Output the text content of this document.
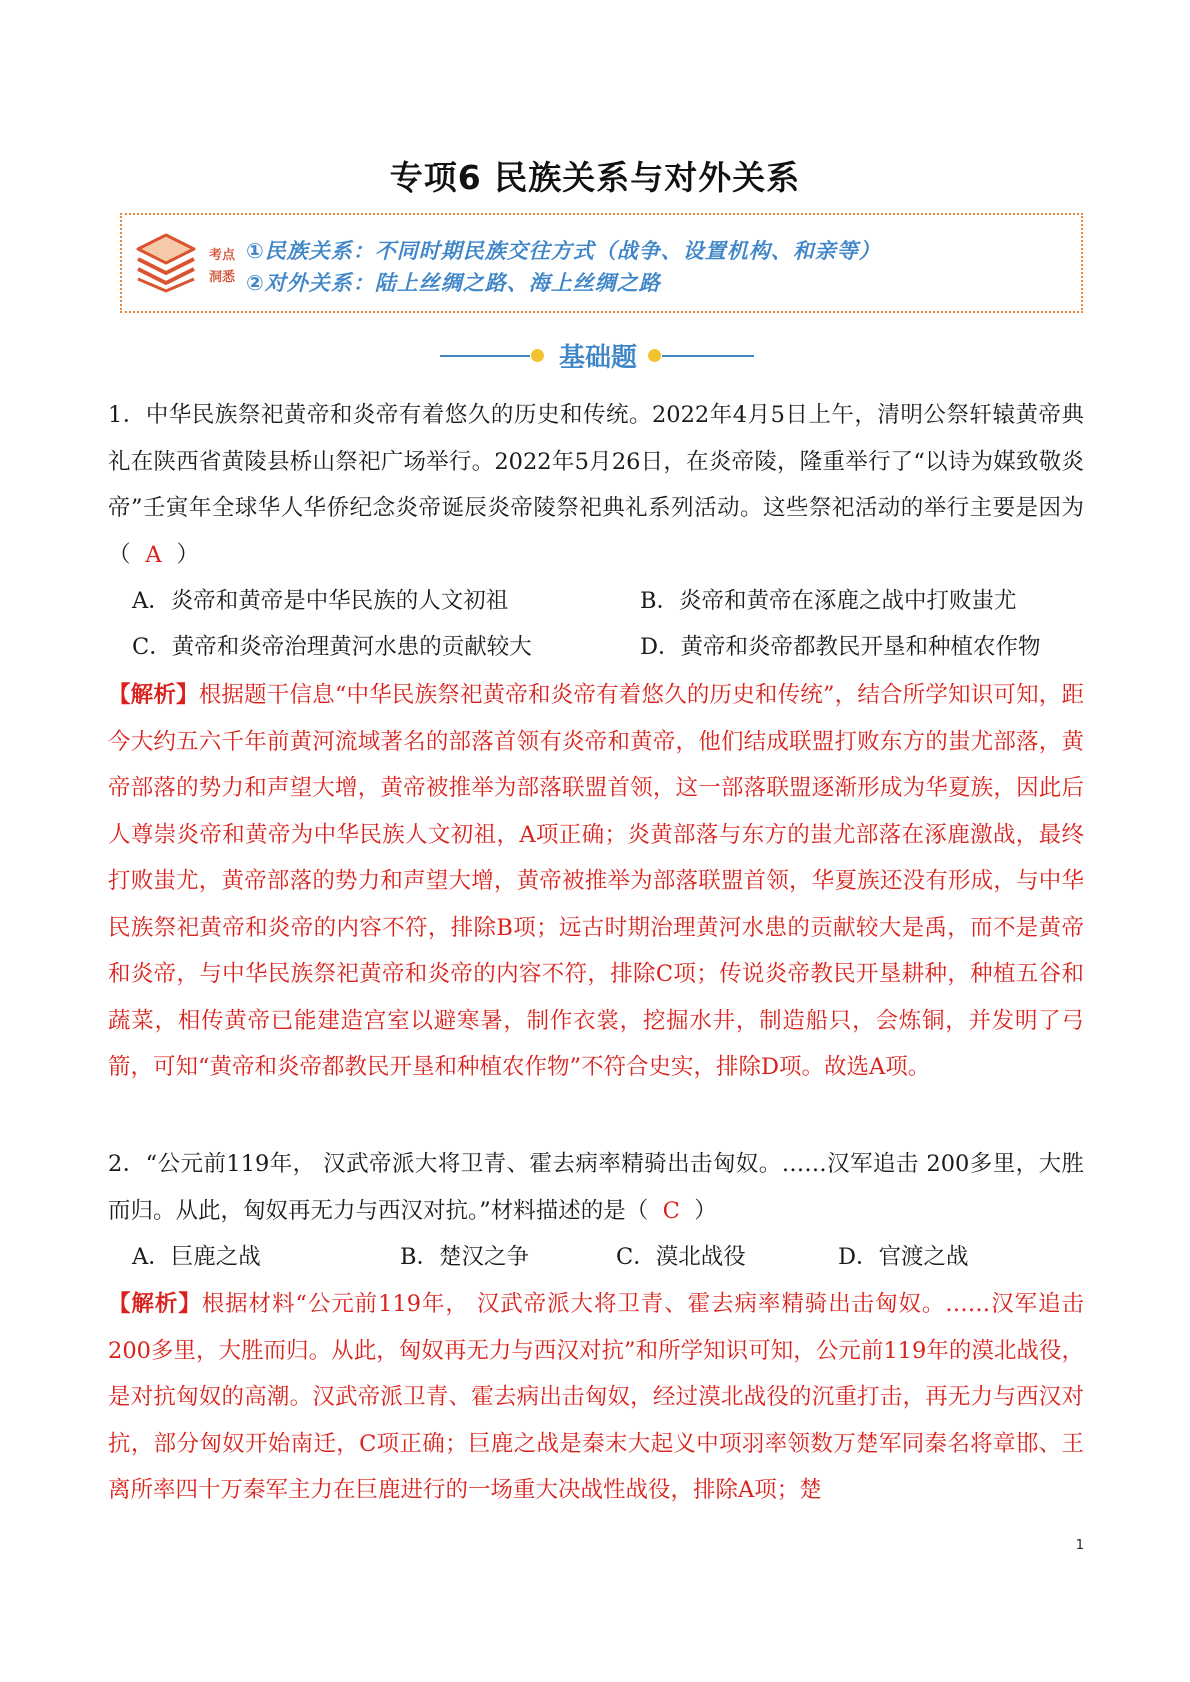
专项6 民族关系与对外关系
考点
洞悉
①民族关系：不同时期民族交往方式（战争、设置机构、和亲等）
②对外关系：陆上丝绸之路、海上丝绸之路
基础题
1．中华民族祭祀黄帝和炎帝有着悠久的历史和传统。2022年4月5日上午，清明公祭轩辕黄帝典礼在陕西省黄陵县桥山祭祀广场举行。2022年5月26日，在炎帝陵，隆重举行了“以诗为媒致敬炎帝”壬寅年全球华人华侨纪念炎帝诞辰炎帝陵祭祀典礼系列活动。这些祭祀活动的举行主要是因为（ A ）
A．炎帝和黄帝是中华民族的人文初祖	B．炎帝和黄帝在涿鹿之战中打败蚩尤
C．黄帝和炎帝治理黄河水患的贡献较大	D．黄帝和炎帝都教民开垦和种植农作物
【解析】根据题干信息“中华民族祭祀黄帝和炎帝有着悠久的历史和传统”，结合所学知识可知，距今大约五六千年前黄河流域著名的部落首领有炎帝和黄帝，他们结成联盟打败东方的蚩尤部落，黄帝部落的势力和声望大增，黄帝被推举为部落联盟首领，这一部落联盟逐渐形成为华夏族，因此后人尊崇炎帝和黄帝为中华民族人文初祖，A项正确；炎黄部落与东方的蚩尤部落在涿鹿激战，最终打败蚩尤，黄帝部落的势力和声望大增，黄帝被推举为部落联盟首领，华夏族还没有形成，与中华民族祭祀黄帝和炎帝的内容不符，排除B项；远古时期治理黄河水患的贡献较大是禹，而不是黄帝和炎帝，与中华民族祭祀黄帝和炎帝的内容不符，排除C项；传说炎帝教民开垦耕种，种植五谷和蔬菜，相传黄帝已能建造宫室以避寒暑，制作衣裳，挖掘水井，制造船只，会炼铜，并发明了弓箭，可知“黄帝和炎帝都教民开垦和种植农作物”不符合史实，排除D项。故选A项。
2．“公元前119年， 汉武帝派大将卫青、霍去病率精骑出击匈奴。……汉军追击 200多里，大胜而归。从此，匈奴再无力与西汉对抗。”材料描述的是（ C ）
A．巨鹿之战	B．楚汉之争	C．漠北战役	D．官渡之战
【解析】根据材料“公元前119年， 汉武帝派大将卫青、霍去病率精骑出击匈奴。……汉军追击 200多里，大胜而归。从此，匈奴再无力与西汉对抗”和所学知识可知，公元前119年的漠北战役，是对抗匈奴的高潮。汉武帝派卫青、霍去病出击匈奴，经过漠北战役的沉重打击，再无力与西汉对抗，部分匈奴开始南迁，C项正确；巨鹿之战是秦末大起义中项羽率领数万楚军同秦名将章邯、王离所率四十万秦军主力在巨鹿进行的一场重大决战性战役，排除A项；楚
1
